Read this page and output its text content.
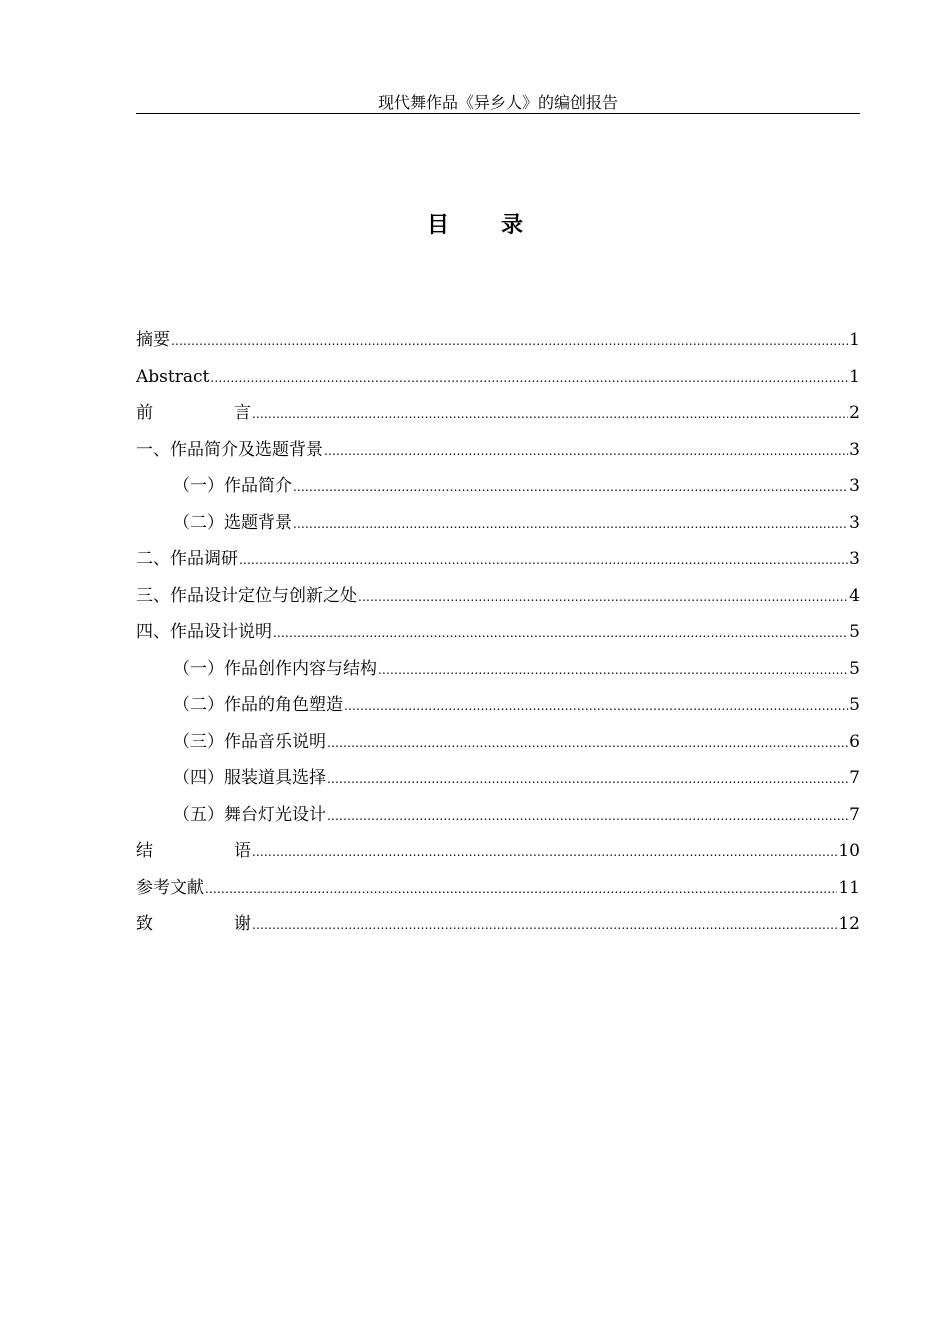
现代舞作品《异乡人》的编创报告
目 录
摘要 .....	1
Abstract .....	1
前	言 .....	2
一、作品简介及选题背景 .....	3
（一）作品简介 .....	3
（二）选题背景 .....	3
二、作品调研 .....	3
三、作品设计定位与创新之处 .....	4
四、作品设计说明 .....	5
（一）作品创作内容与结构 .....	5
（二）作品的角色塑造 .....	5
（三）作品音乐说明 .....	6
（四）服装道具选择 .....	7
（五）舞台灯光设计 .....	7
结	语 .....	10
参考文献 .....	11
致	谢 .....	12
